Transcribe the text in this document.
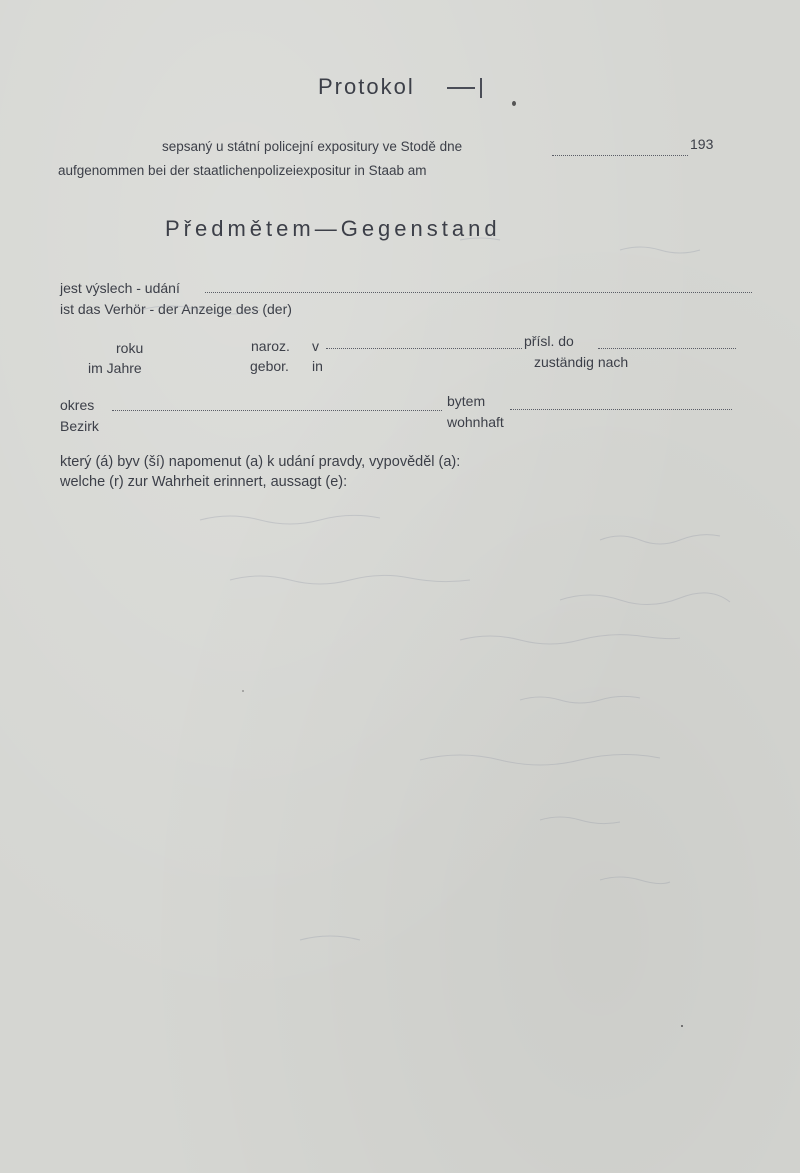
Protokol
sepsaný u státní policejní expositury ve Stodě dne	193
aufgenommen bei der staatlichenpolizeiexpositur in Staab am
Předmětem—Gegenstand
jest výslech - udání
ist das Verhör - der Anzeige des (der)
roku
im Jahre
naroz.
gebor.
v
in
přísl. do
zuständig nach
okres
Bezirk
bytem
wohnhaft
který (á) byv (ší) napomenut (a) k udání pravdy, vypověděl (a):
welche (r) zur Wahrheit erinnert, aussagt (e):
